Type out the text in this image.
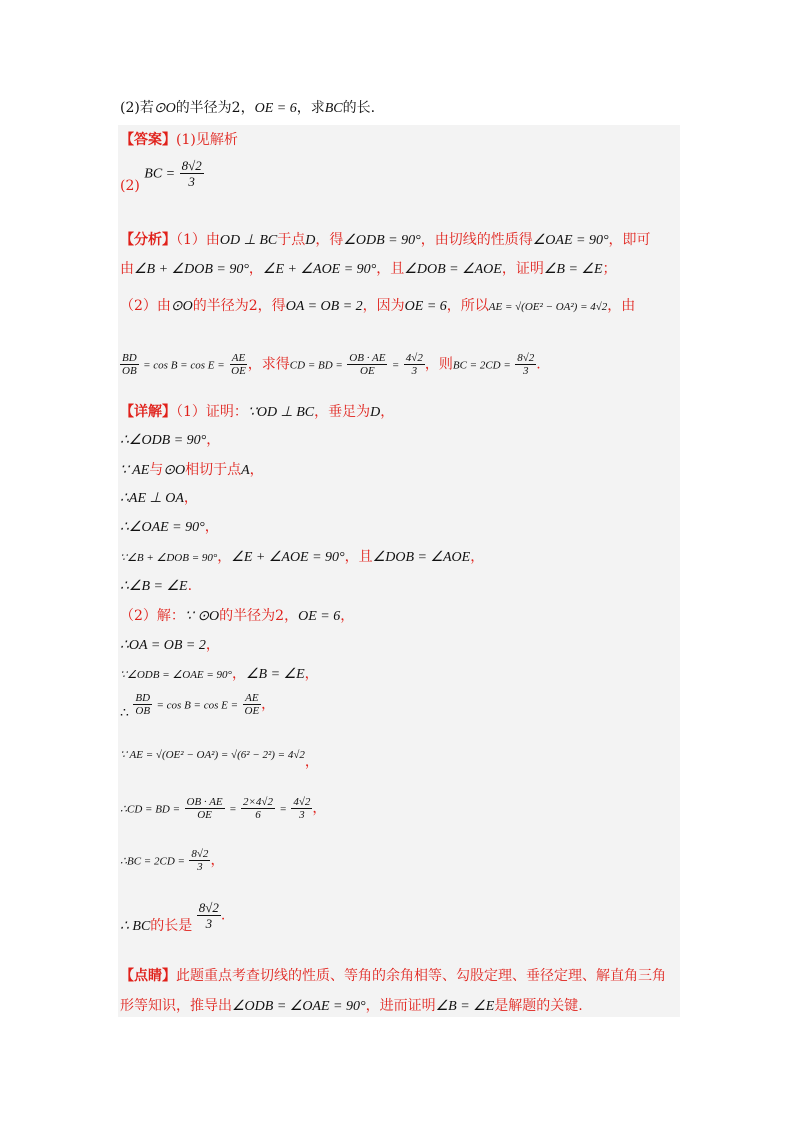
(2)若⊙O的半径为2，OE = 6，求BC的长.
【答案】(1)见解析
(2) BC = $\frac{8√2}{3}$
【分析】（1）由OD ⊥ BC于点D，得∠ODB = 90°，由切线的性质得∠OAE = 90°，即可
由∠B + ∠DOB = 90°，∠E + ∠AOE = 90°，且∠DOB = ∠AOE，证明∠B = ∠E；
（2）由⊙O的半径为2，得OA = OB = 2，因为OE = 6，所以AE = √(OE² − OA²) = 4√2，由
$\frac{BD}{OB} = \cos B = \cos E = \frac{AE}{OE}$ ，求得CD = BD = $\frac{OB \cdot AE}{OE} = \frac{4√2}{3}$ ，则BC = $2CD = \frac{8√2}{3}$ .
【详解】（1）证明：∵OD ⊥ BC，垂足为D，
∴∠ODB = 90°，
∵ AE与⊙O相切于点A，
∴AE ⊥ OA，
∴∠OAE = 90°，
∵∠B + ∠DOB = 90°，∠E + ∠AOE = 90°，且∠DOB = ∠AOE，
∴∠B = ∠E.
（2）解：∵ ⊙O的半径为2，OE = 6，
∴OA = OB = 2，
∵∠ODB = ∠OAE = 90°，∠B = ∠E，
∴ $\frac{BD}{OB} = \cos B = \cos E = \frac{AE}{OE}$ ，
∵ AE = √(OE² − OA²) = √(6² − 2²) = 4√2，
∴CD = BD = $\frac{OB \cdot AE}{OE} = \frac{2\times 4√2}{6} = \frac{4√2}{3}$ ，
∴BC = $2CD = \frac{8√2}{3}$ ，
∴ BC的长是 $\frac{8√2}{3}$ .
【点睛】此题重点考查切线的性质、等角的余角相等、勾股定理、垂径定理、解直角三角
形等知识，推导出∠ODB = ∠OAE = 90°，进而证明∠B = ∠E是解题的关键.
